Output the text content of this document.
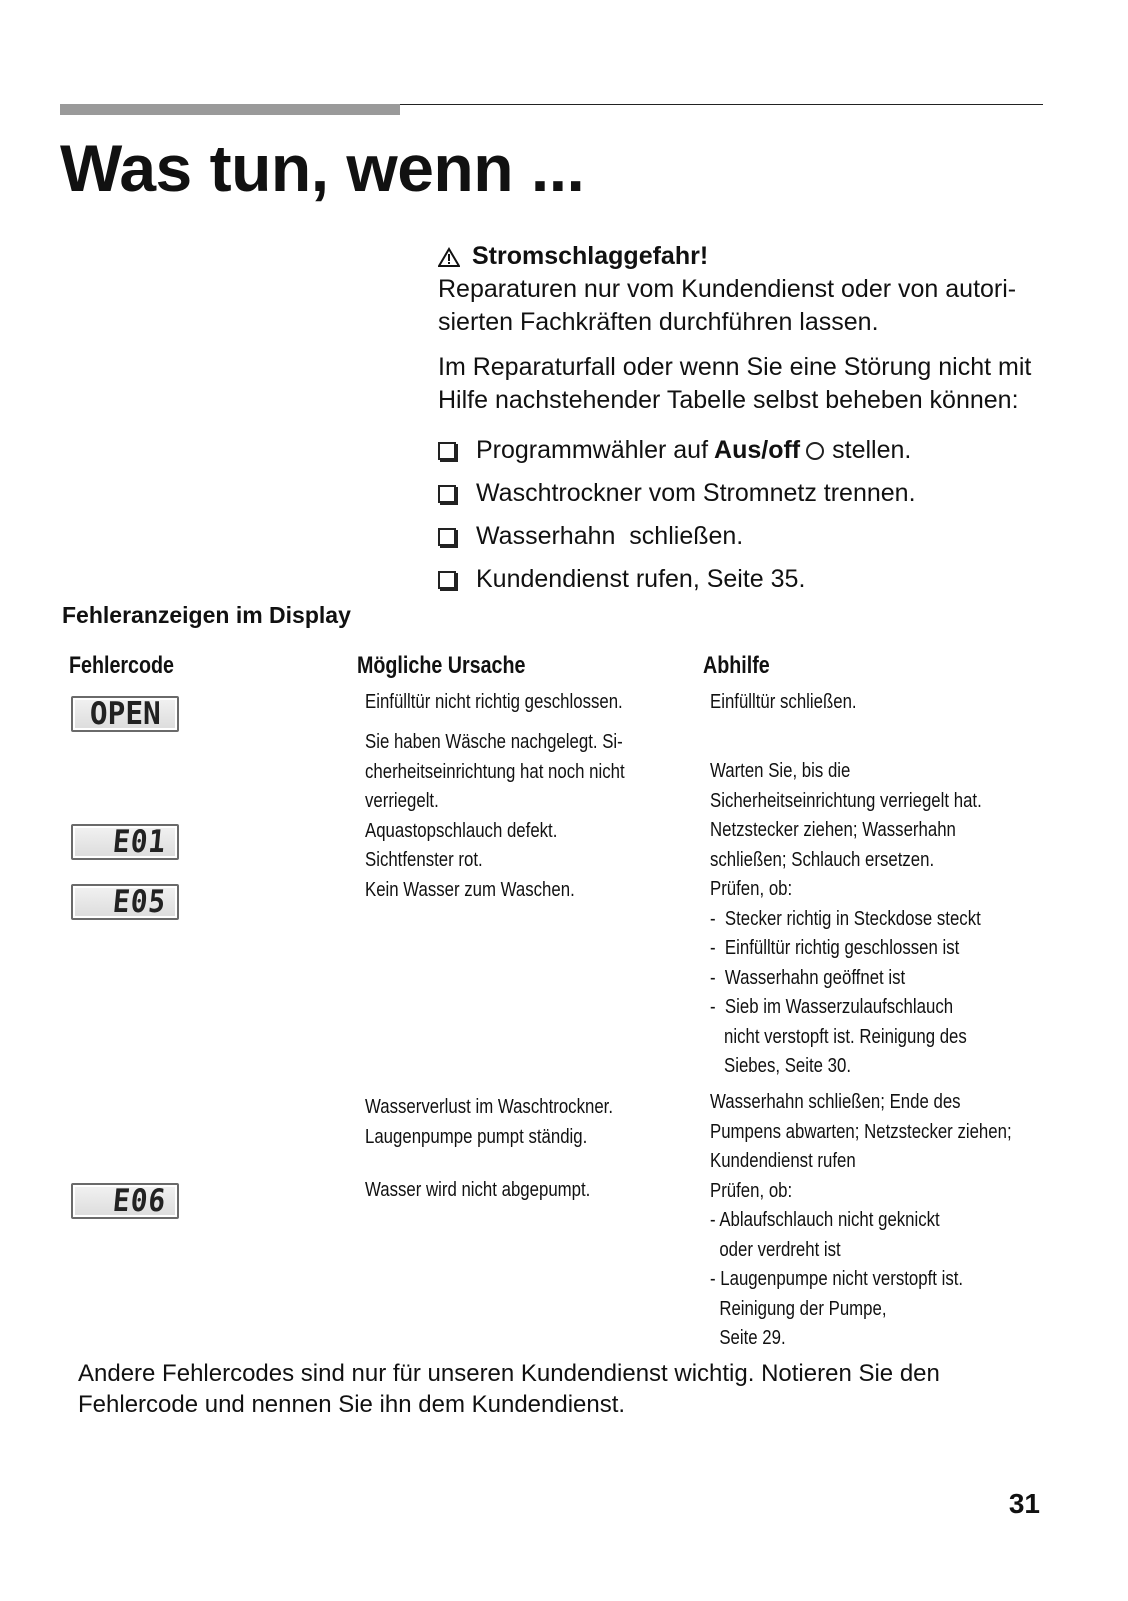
Was tun, wenn ...
Stromschlaggefahr!

Reparaturen nur vom Kundendienst oder von autori-
sierten Fachkräften durchführen lassen.

Im Reparaturfall oder wenn Sie eine Störung nicht mit
Hilfe nachstehender Tabelle selbst beheben können:

Programmwähler auf Aus/off stellen.
Waschtrockner vom Stromnetz trennen.
Wasserhahn  schließen.
Kundendienst rufen, Seite 35.
Fehleranzeigen im Display
Fehlercode	Mögliche Ursache	Abhilfe
OPEN
E01
E05
E06

Einfülltür nicht richtig geschlossen.

Sie haben Wäsche nachgelegt. Si-

cherheitseinrichtung hat noch nicht

verriegelt.

Aquastopschlauch defekt.

Sichtfenster rot.

Kein Wasser zum Waschen.

Wasserverlust im Waschtrockner.

Laugenpumpe pumpt ständig.

Wasser wird nicht abgepumpt.

Einfülltür schließen.

Warten Sie, bis die

Sicherheitseinrichtung verriegelt hat.

Netzstecker ziehen; Wasserhahn

schließen; Schlauch ersetzen.

Prüfen, ob:

-  Stecker richtig in Steckdose steckt

-  Einfülltür richtig geschlossen ist

-  Wasserhahn geöffnet ist

-  Sieb im Wasserzulaufschlauch

nicht verstopft ist. Reinigung des

Siebes, Seite 30.

Wasserhahn schließen; Ende des

Pumpens abwarten; Netzstecker ziehen;

Kundendienst rufen

Prüfen, ob:

- Ablaufschlauch nicht geknickt

oder verdreht ist

- Laugenpumpe nicht verstopft ist.

Reinigung der Pumpe,

Seite 29.

Andere Fehlercodes sind nur für unseren Kundendienst wichtig. Notieren Sie den
Fehlercode und nennen Sie ihn dem Kundendienst.

31
